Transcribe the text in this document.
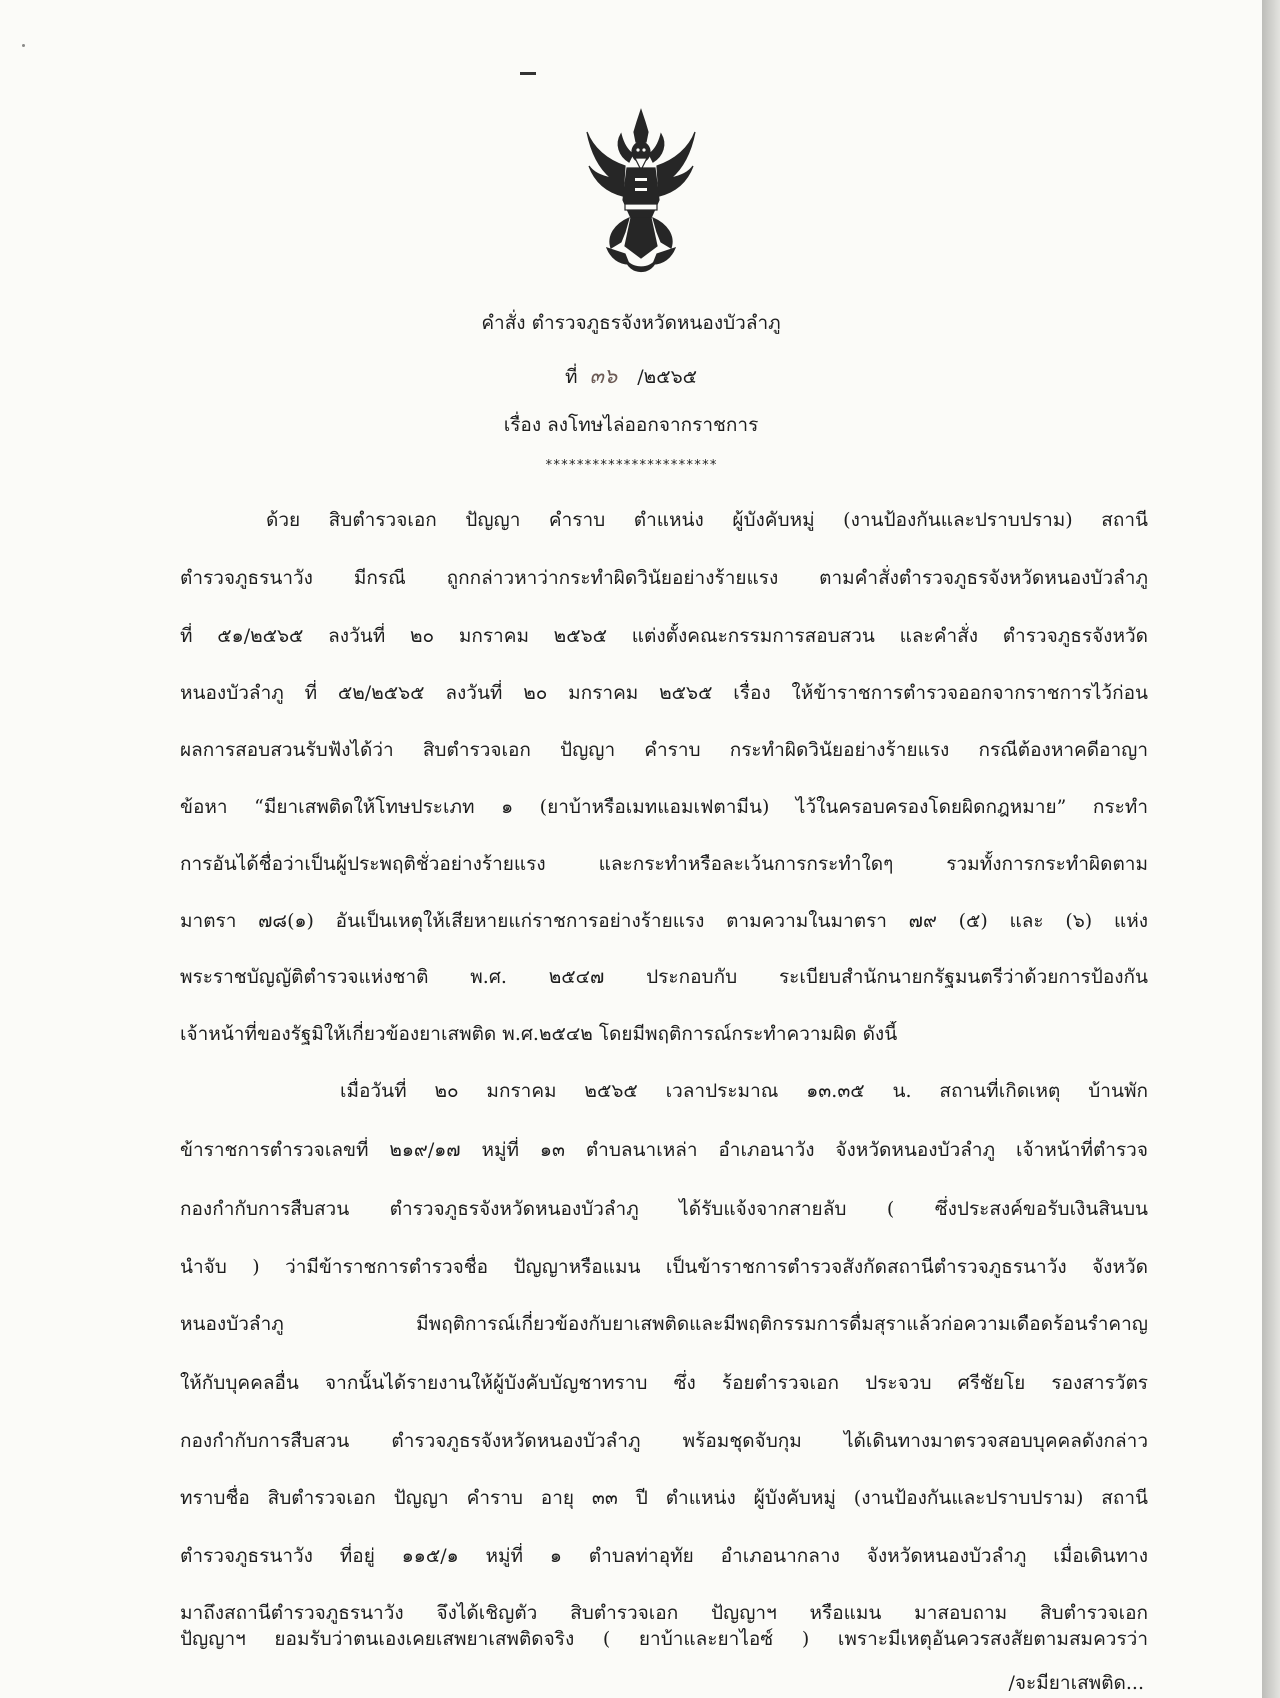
คำสั่ง ตำรวจภูธรจังหวัดหนองบัวลำภู
ที่ ๓๖ /๒๕๖๕
เรื่อง ลงโทษไล่ออกจากราชการ
**********************
ด้วย สิบตำรวจเอก ปัญญา คำราบ ตำแหน่ง ผู้บังคับหมู่ (งานป้องกันและปราบปราม) สถานี
ตำรวจภูธรนาวัง มีกรณี ถูกกล่าวหาว่ากระทำผิดวินัยอย่างร้ายแรง ตามคำสั่งตำรวจภูธรจังหวัดหนองบัวลำภู
ที่ ๕๑/๒๕๖๕ ลงวันที่ ๒๐ มกราคม ๒๕๖๕ แต่งตั้งคณะกรรมการสอบสวน และคำสั่ง ตำรวจภูธรจังหวัด
หนองบัวลำภู ที่ ๕๒/๒๕๖๕ ลงวันที่ ๒๐ มกราคม ๒๕๖๕ เรื่อง ให้ข้าราชการตำรวจออกจากราชการไว้ก่อน
ผลการสอบสวนรับฟังได้ว่า สิบตำรวจเอก ปัญญา คำราบ กระทำผิดวินัยอย่างร้ายแรง กรณีต้องหาคดีอาญา
ข้อหา “มียาเสพติดให้โทษประเภท ๑ (ยาบ้าหรือเมทแอมเฟตามีน) ไว้ในครอบครองโดยผิดกฎหมาย” กระทำ
การอันได้ชื่อว่าเป็นผู้ประพฤติชั่วอย่างร้ายแรง และกระทำหรือละเว้นการกระทำใดๆ รวมทั้งการกระทำผิดตาม
มาตรา ๗๘(๑) อันเป็นเหตุให้เสียหายแก่ราชการอย่างร้ายแรง ตามความในมาตรา ๗๙ (๕) และ (๖) แห่ง
พระราชบัญญัติตำรวจแห่งชาติ พ.ศ. ๒๕๔๗ ประกอบกับ ระเบียบสำนักนายกรัฐมนตรีว่าด้วยการป้องกัน
เจ้าหน้าที่ของรัฐมิให้เกี่ยวข้องยาเสพติด พ.ศ.๒๕๔๒ โดยมีพฤติการณ์กระทำความผิด ดังนี้
เมื่อวันที่ ๒๐ มกราคม ๒๕๖๕ เวลาประมาณ ๑๓.๓๕ น. สถานที่เกิดเหตุ บ้านพัก
ข้าราชการตำรวจเลขที่ ๒๑๙/๑๗ หมู่ที่ ๑๓ ตำบลนาเหล่า อำเภอนาวัง จังหวัดหนองบัวลำภู เจ้าหน้าที่ตำรวจ
กองกำกับการสืบสวน ตำรวจภูธรจังหวัดหนองบัวลำภู ได้รับแจ้งจากสายลับ ( ซึ่งประสงค์ขอรับเงินสินบน
นำจับ ) ว่ามีข้าราชการตำรวจชื่อ ปัญญาหรือแมน เป็นข้าราชการตำรวจสังกัดสถานีตำรวจภูธรนาวัง จังหวัด
หนองบัวลำภู มีพฤติการณ์เกี่ยวข้องกับยาเสพติดและมีพฤติกรรมการดื่มสุราแล้วก่อความเดือดร้อนรำคาญ
ให้กับบุคคลอื่น จากนั้นได้รายงานให้ผู้บังคับบัญชาทราบ ซึ่ง ร้อยตำรวจเอก ประจวบ ศรีชัยโย รองสารวัตร
กองกำกับการสืบสวน ตำรวจภูธรจังหวัดหนองบัวลำภู พร้อมชุดจับกุม ได้เดินทางมาตรวจสอบบุคคลดังกล่าว
ทราบชื่อ สิบตำรวจเอก ปัญญา คำราบ อายุ ๓๓ ปี ตำแหน่ง ผู้บังคับหมู่ (งานป้องกันและปราบปราม) สถานี
ตำรวจภูธรนาวัง ที่อยู่ ๑๑๕/๑ หมู่ที่ ๑ ตำบลท่าอุทัย อำเภอนากลาง จังหวัดหนองบัวลำภู เมื่อเดินทาง
มาถึงสถานีตำรวจภูธรนาวัง จึงได้เชิญตัว สิบตำรวจเอก ปัญญาฯ หรือแมน มาสอบถาม สิบตำรวจเอก
/จะมียาเสพติด...
ปัญญาฯ ยอมรับว่าตนเองเคยเสพยาเสพติดจริง ( ยาบ้าและยาไอซ์ ) เพราะมีเหตุอันควรสงสัยตามสมควรว่า
